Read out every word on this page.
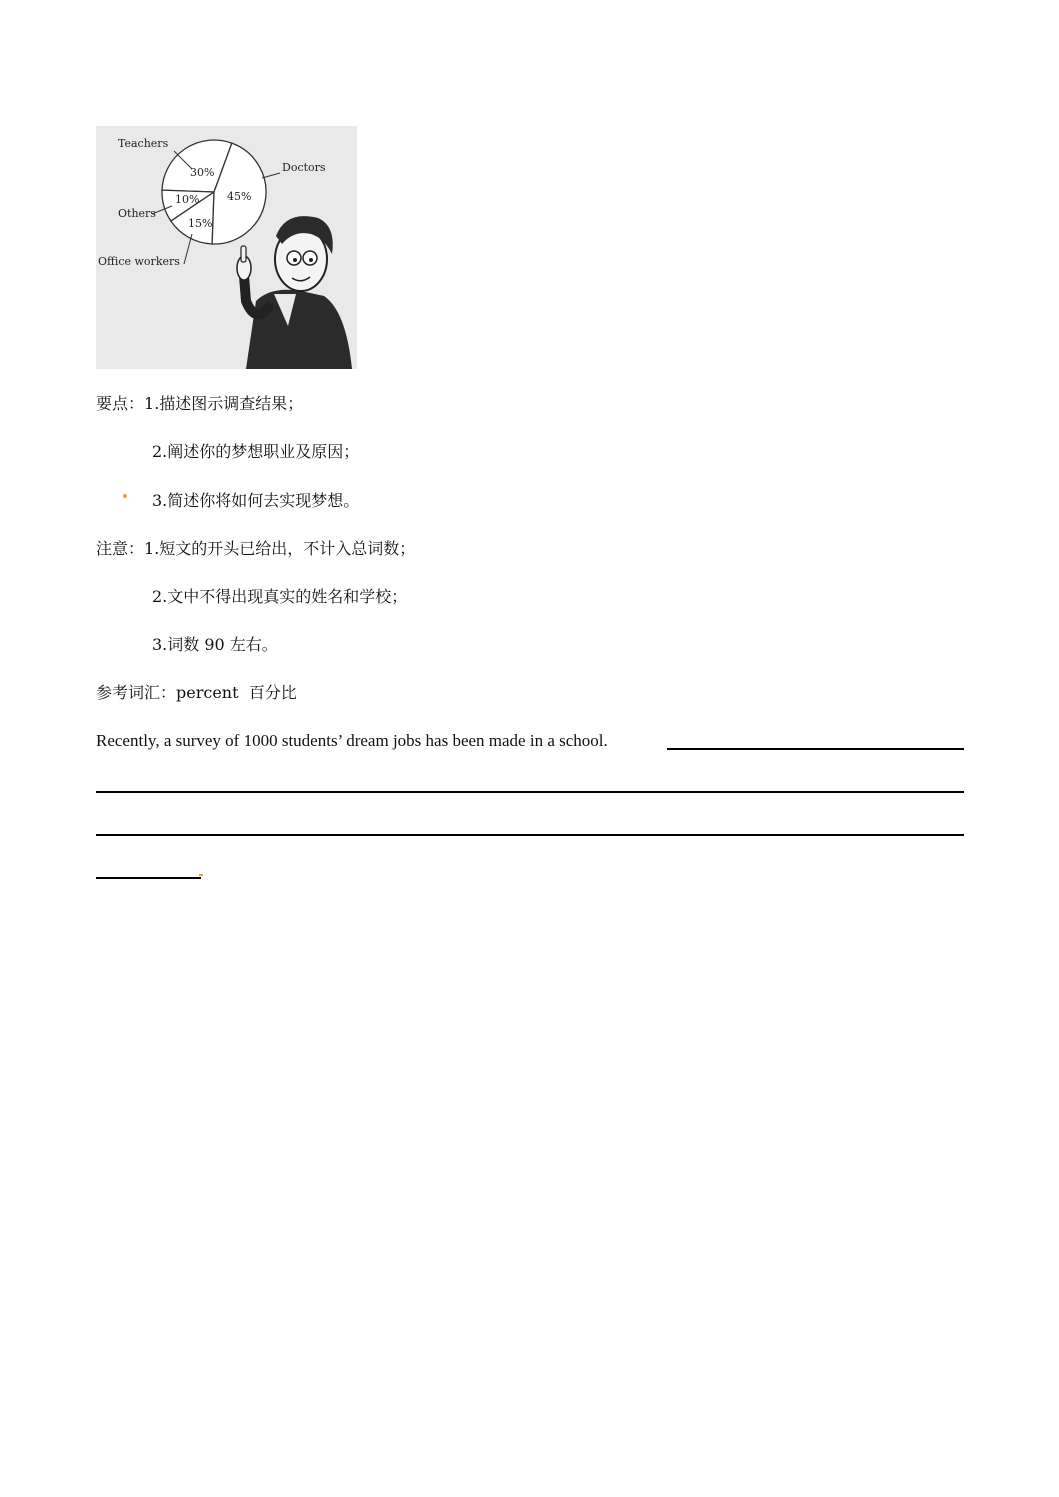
Teachers
Doctors
Office workers
Others
30%
45%
15%
10%
要点：1.描述图示调查结果；
2.阐述你的梦想职业及原因；
3.简述你将如何去实现梦想。
注意：1.短文的开头已给出，不计入总词数；
2.文中不得出现真实的姓名和学校；
3.词数 90 左右。
参考词汇：percent 百分比
Recently, a survey of 1000 students’ dream jobs has been made in a school.
